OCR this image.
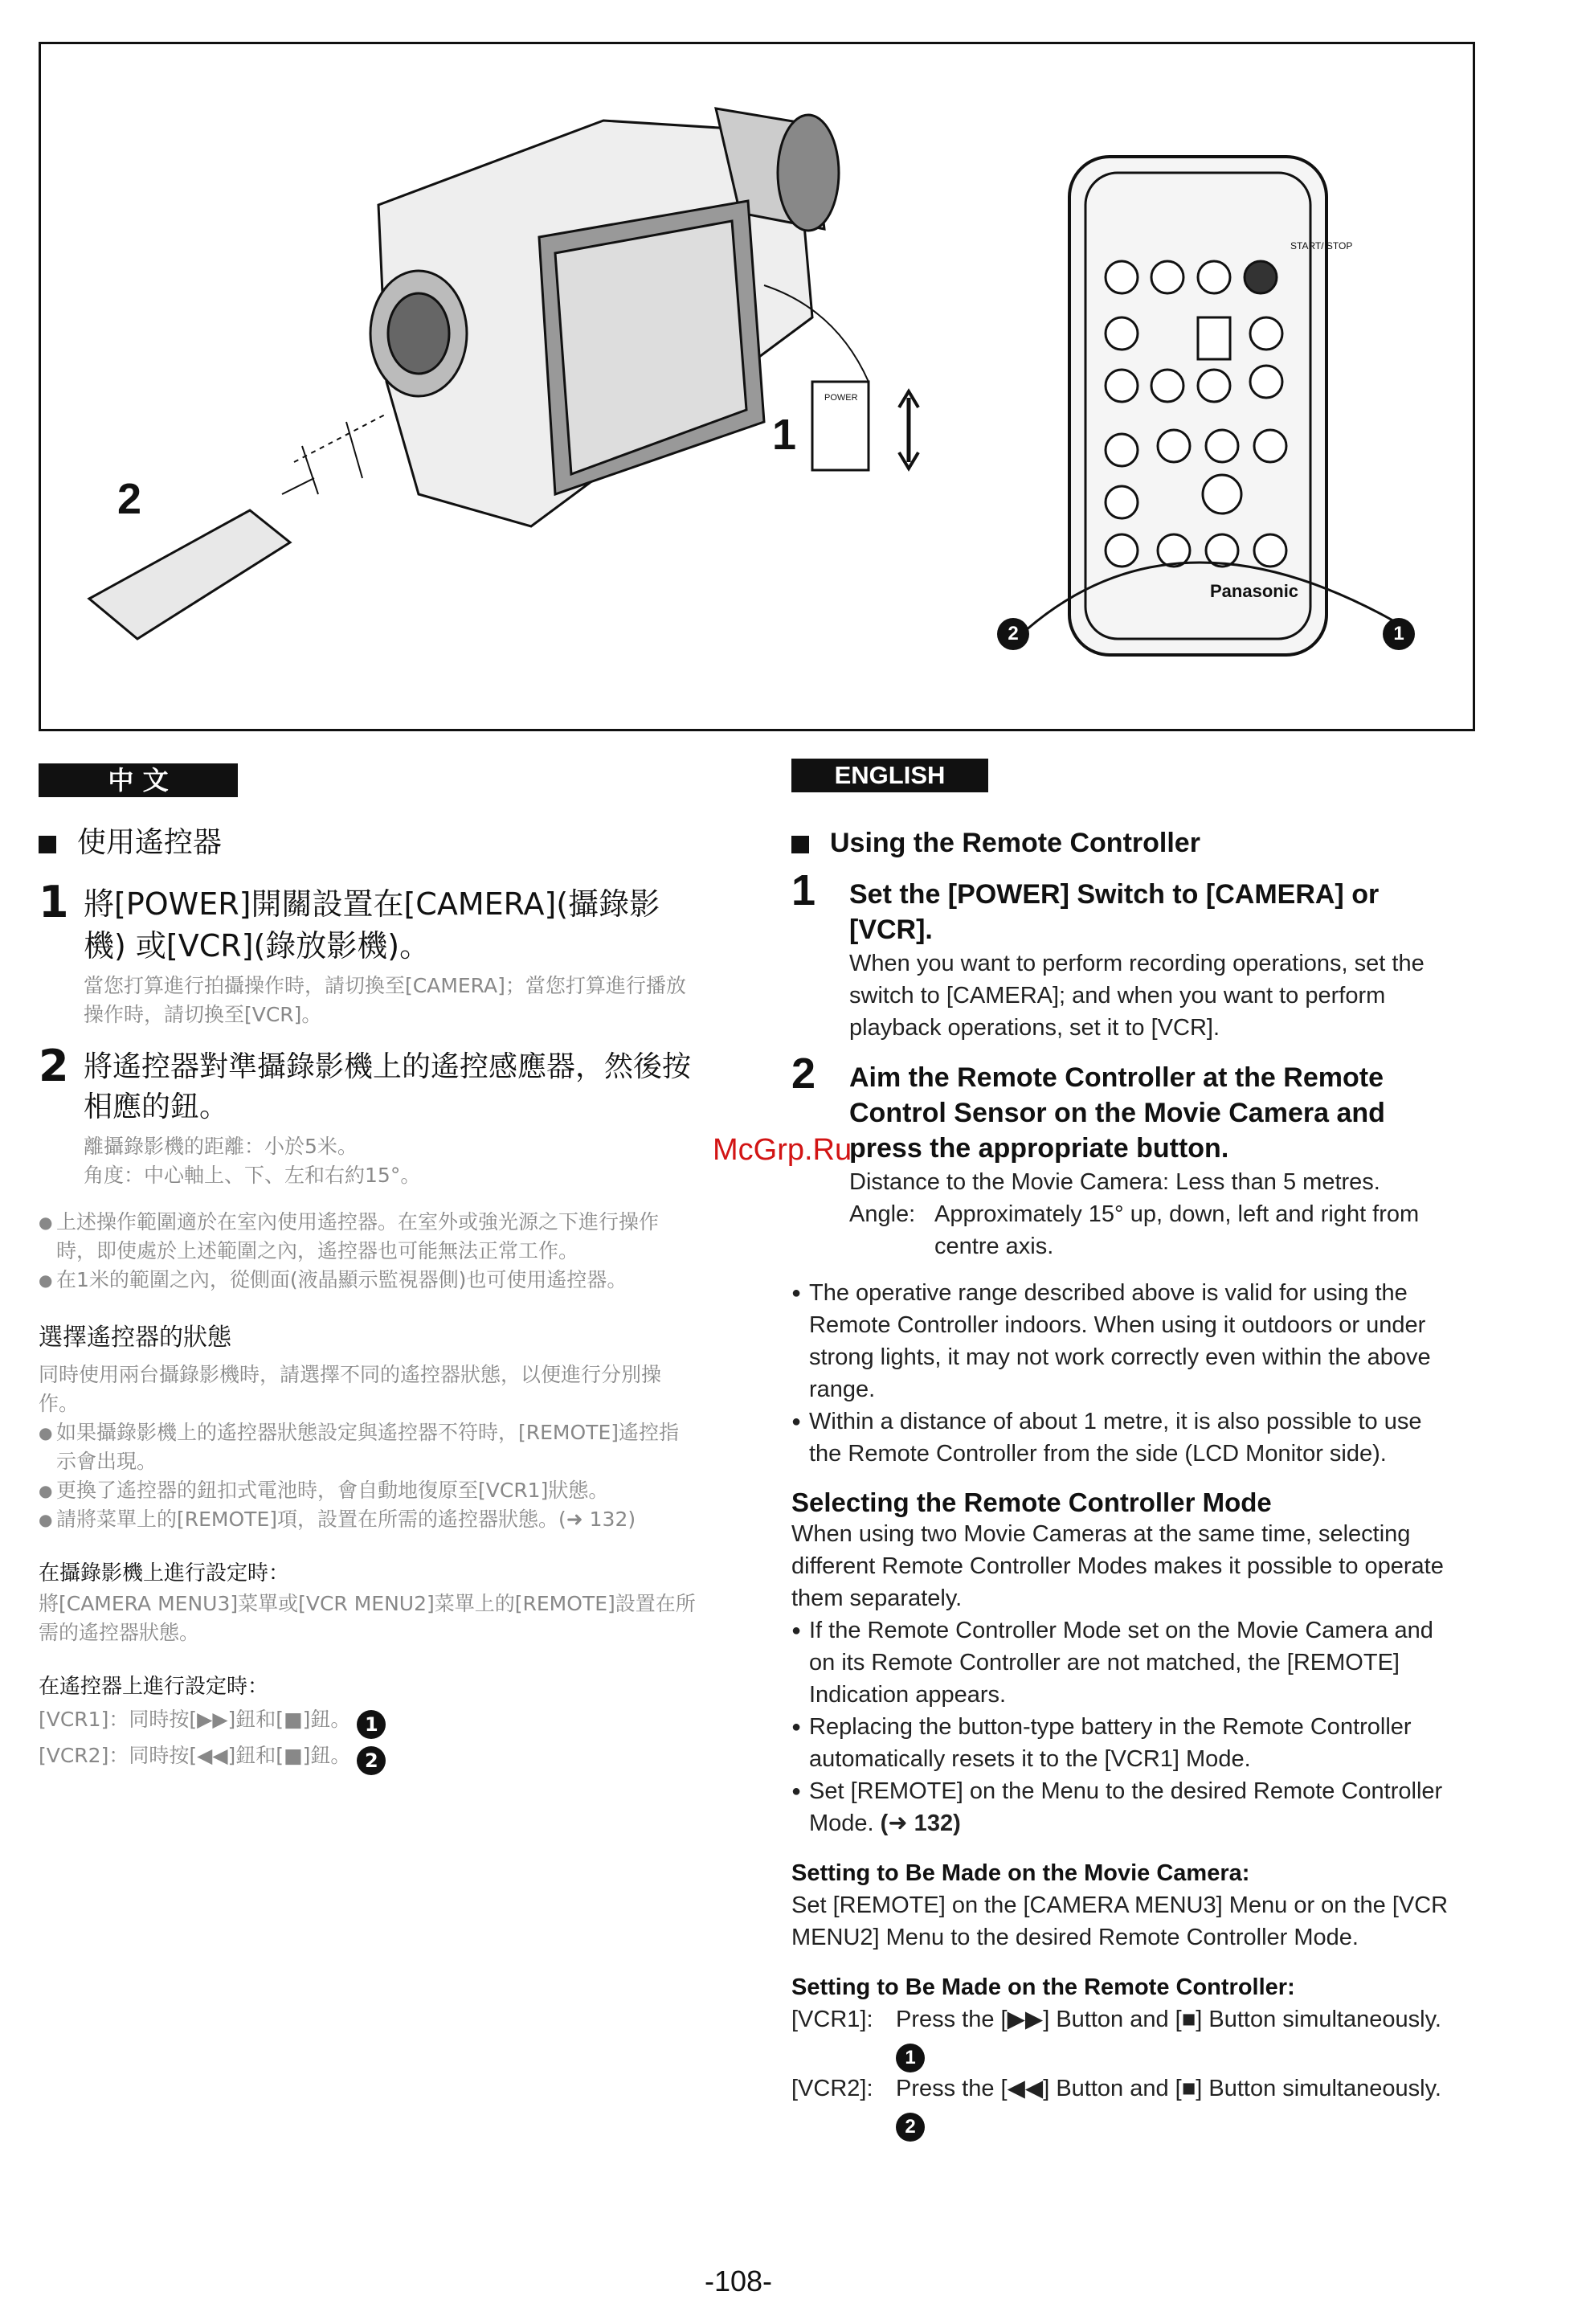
START/ STOP
Panasonic
POWER
2
1
2	1
中 文
使用遙控器
1 將[POWER]開關設置在[CAMERA](攝錄影機) 或[VCR](錄放影機)。
當您打算進行拍攝操作時，請切換至[CAMERA]；當您打算進行播放操作時，請切換至[VCR]。
2 將遙控器對準攝錄影機上的遙控感應器，然後按相應的鈕。
離攝錄影機的距離：小於5米。
角度：中心軸上、下、左和右約15°。
● 上述操作範圍適於在室內使用遙控器。在室外或強光源之下進行操作時，即使處於上述範圍之內，遙控器也可能無法正常工作。
● 在1米的範圍之內，從側面(液晶顯示監視器側)也可使用遙控器。
選擇遙控器的狀態
同時使用兩台攝錄影機時，請選擇不同的遙控器狀態，以便進行分別操作。
● 如果攝錄影機上的遙控器狀態設定與遙控器不符時，[REMOTE]遙控指示會出現。
● 更換了遙控器的鈕扣式電池時，會自動地復原至[VCR1]狀態。
● 請將菜單上的[REMOTE]項，設置在所需的遙控器狀態。(➜ 132)
在攝錄影機上進行設定時：
將[CAMERA MENU3]菜單或[VCR MENU2]菜單上的[REMOTE]設置在所需的遙控器狀態。
在遙控器上進行設定時：
[VCR1]：同時按[▶▶]鈕和[■]鈕。 1
[VCR2]：同時按[◀◀]鈕和[■]鈕。 2
ENGLISH
Using the Remote Controller
1 Set the [POWER] Switch to [CAMERA] or [VCR].
When you want to perform recording operations, set the switch to [CAMERA]; and when you want to perform playback operations, set it to [VCR].
2 Aim the Remote Controller at the Remote Control Sensor on the Movie Camera and press the appropriate button.
Distance to the Movie Camera: Less than 5 metres.
Angle: Approximately 15° up, down, left and right from centre axis.
● The operative range described above is valid for using the Remote Controller indoors. When using it outdoors or under strong lights, it may not work correctly even within the above range.
● Within a distance of about 1 metre, it is also possible to use the Remote Controller from the side (LCD Monitor side).
Selecting the Remote Controller Mode
When using two Movie Cameras at the same time, selecting different Remote Controller Modes makes it possible to operate them separately.
● If the Remote Controller Mode set on the Movie Camera and on its Remote Controller are not matched, the [REMOTE] Indication appears.
● Replacing the button-type battery in the Remote Controller automatically resets it to the [VCR1] Mode.
● Set [REMOTE] on the Menu to the desired Remote Controller Mode. (➜ 132)
Setting to Be Made on the Movie Camera:
Set [REMOTE] on the [CAMERA MENU3] Menu or on the [VCR MENU2] Menu to the desired Remote Controller Mode.
Setting to Be Made on the Remote Controller:
[VCR1]: Press the [▶▶] Button and [■] Button simultaneously. 1
[VCR2]: Press the [◀◀] Button and [■] Button simultaneously. 2
McGrp.Ru
-108-
